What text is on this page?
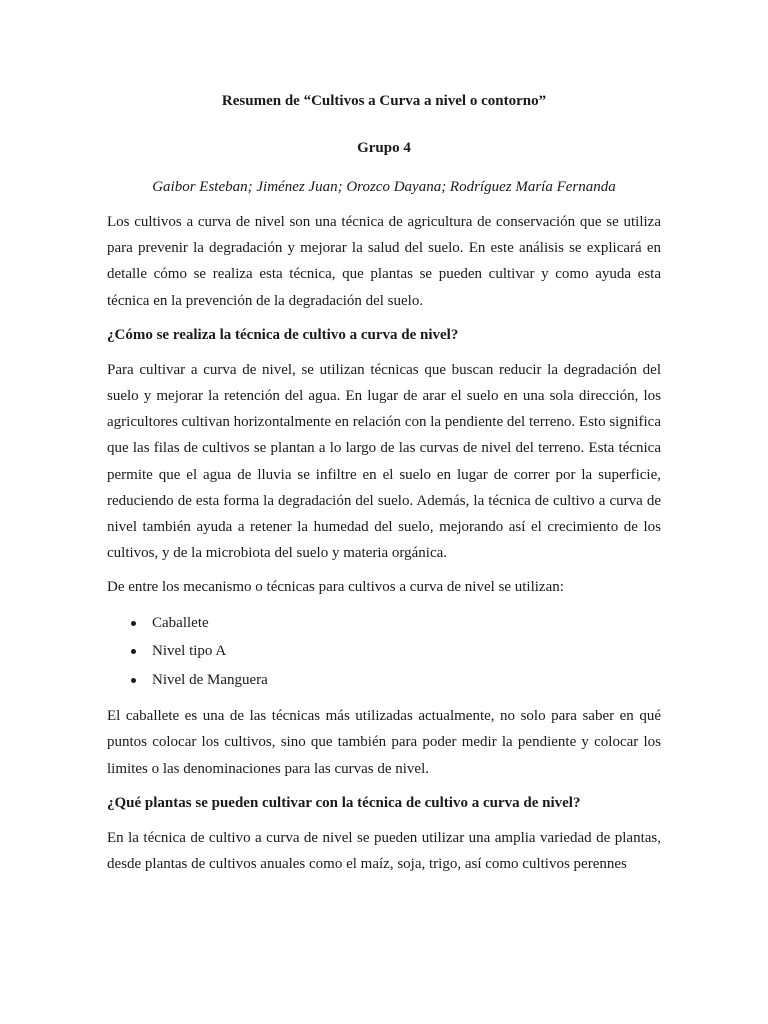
Resumen de “Cultivos a Curva a nivel o contorno”

Grupo 4

Gaibor Esteban; Jiménez Juan; Orozco Dayana; Rodríguez María Fernanda

Los cultivos a curva de nivel son una técnica de agricultura de conservación que se utiliza para prevenir la degradación y mejorar la salud del suelo. En este análisis se explicará en detalle cómo se realiza esta técnica, que plantas se pueden cultivar y como ayuda esta técnica en la prevención de la degradación del suelo.

¿Cómo se realiza la técnica de cultivo a curva de nivel?

Para cultivar a curva de nivel, se utilizan técnicas que buscan reducir la degradación del suelo y mejorar la retención del agua. En lugar de arar el suelo en una sola dirección, los agricultores cultivan horizontalmente en relación con la pendiente del terreno. Esto significa que las filas de cultivos se plantan a lo largo de las curvas de nivel del terreno. Esta técnica permite que el agua de lluvia se infiltre en el suelo en lugar de correr por la superficie, reduciendo de esta forma la degradación del suelo. Además, la técnica de cultivo a curva de nivel también ayuda a retener la humedad del suelo, mejorando así el crecimiento de los cultivos, y de la microbiota del suelo y materia orgánica.

De entre los mecanismo o técnicas para cultivos a curva de nivel se utilizan:

Caballete
Nivel tipo A
Nivel de Manguera

El caballete es una de las técnicas más utilizadas actualmente, no solo para saber en qué puntos colocar los cultivos, sino que también para poder medir la pendiente y colocar los limites o las denominaciones para las curvas de nivel.

¿Qué plantas se pueden cultivar con la técnica de cultivo a curva de nivel?

En la técnica de cultivo a curva de nivel se pueden utilizar una amplia variedad de plantas, desde plantas de cultivos anuales como el maíz, soja, trigo, así como cultivos perennes
